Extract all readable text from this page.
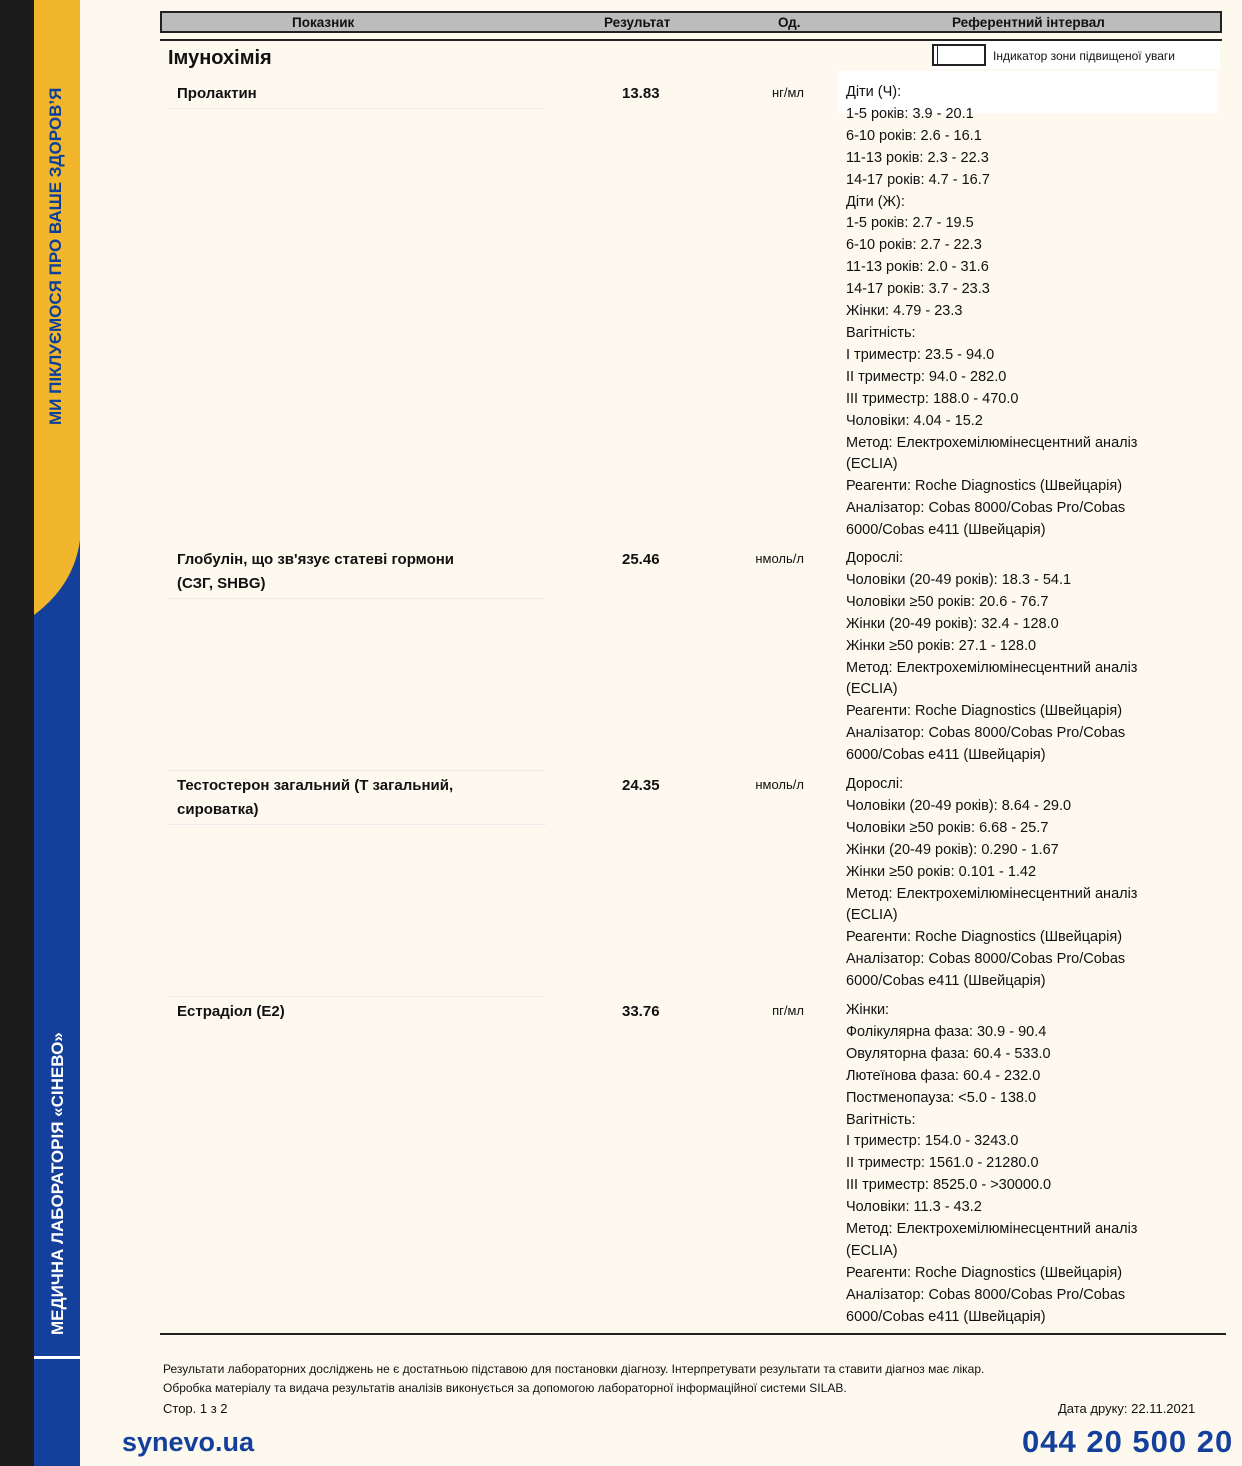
МИ ПІКЛУЄМОСЯ ПРО ВАШЕ ЗДОРОВ’Я
МЕДИЧНА ЛАБОРАТОРІЯ «СІНЕВО»
Показник	Результат	Од.	Референтний інтервал
Імунохімія	Індикатор зони підвищеної уваги
Пролактин	13.83	нг/мл	Діти (Ч):
1-5 років: 3.9 - 20.1
6-10 років: 2.6 - 16.1
11-13 років: 2.3 - 22.3
14-17 років: 4.7 - 16.7
Діти (Ж):
1-5 років: 2.7 - 19.5
6-10 років: 2.7 - 22.3
11-13 років: 2.0 - 31.6
14-17 років: 3.7 - 23.3
Жінки: 4.79 - 23.3
Вагітність:
I триместр: 23.5 - 94.0
II триместр: 94.0 - 282.0
III триместр: 188.0 - 470.0
Чоловіки: 4.04 - 15.2
Метод: Електрохемілюмінесцентний аналіз
(ECLIA)
Реагенти: Roche Diagnostics (Швейцарія)
Аналізатор: Cobas 8000/Cobas Pro/Cobas
6000/Cobas e411 (Швейцарія)
Глобулін, що зв'язує статеві гормони
(СЗГ, SHBG)
25.46	нмоль/л	Дорослі:
Чоловіки (20-49 років): 18.3 - 54.1
Чоловіки ≥50 років: 20.6 - 76.7
Жінки (20-49 років): 32.4 - 128.0
Жінки ≥50 років: 27.1 - 128.0
Метод: Електрохемілюмінесцентний аналіз
(ECLIA)
Реагенти: Roche Diagnostics (Швейцарія)
Аналізатор: Cobas 8000/Cobas Pro/Cobas
6000/Cobas e411 (Швейцарія)
Тестостерон загальний (Т загальний,
сироватка)
24.35	нмоль/л	Дорослі:
Чоловіки (20-49 років): 8.64 - 29.0
Чоловіки ≥50 років: 6.68 - 25.7
Жінки (20-49 років): 0.290 - 1.67
Жінки ≥50 років: 0.101 - 1.42
Метод: Електрохемілюмінесцентний аналіз
(ECLIA)
Реагенти: Roche Diagnostics (Швейцарія)
Аналізатор: Cobas 8000/Cobas Pro/Cobas
6000/Cobas e411 (Швейцарія)
Естрадіол (E2)	33.76	пг/мл	Жінки:
Фолікулярна фаза: 30.9 - 90.4
Овуляторна фаза: 60.4 - 533.0
Лютеїнова фаза: 60.4 - 232.0
Постменопауза: <5.0 - 138.0
Вагітність:
I триместр: 154.0 - 3243.0
II триместр: 1561.0 - 21280.0
III триместр: 8525.0 - >30000.0
Чоловіки: 11.3 - 43.2
Метод: Електрохемілюмінесцентний аналіз
(ECLIA)
Реагенти: Roche Diagnostics (Швейцарія)
Аналізатор: Cobas 8000/Cobas Pro/Cobas
6000/Cobas e411 (Швейцарія)
Результати лабораторних досліджень не є достатньою підставою для постановки діагнозу. Інтерпретувати результати та ставити діагноз має лікар.
Обробка матеріалу та видача результатів аналізів виконується за допомогою лабораторної інформаційної системи SILAB.
Стор. 1 з 2	Дата друку: 22.11.2021
synevo.ua	044 20 500 20
